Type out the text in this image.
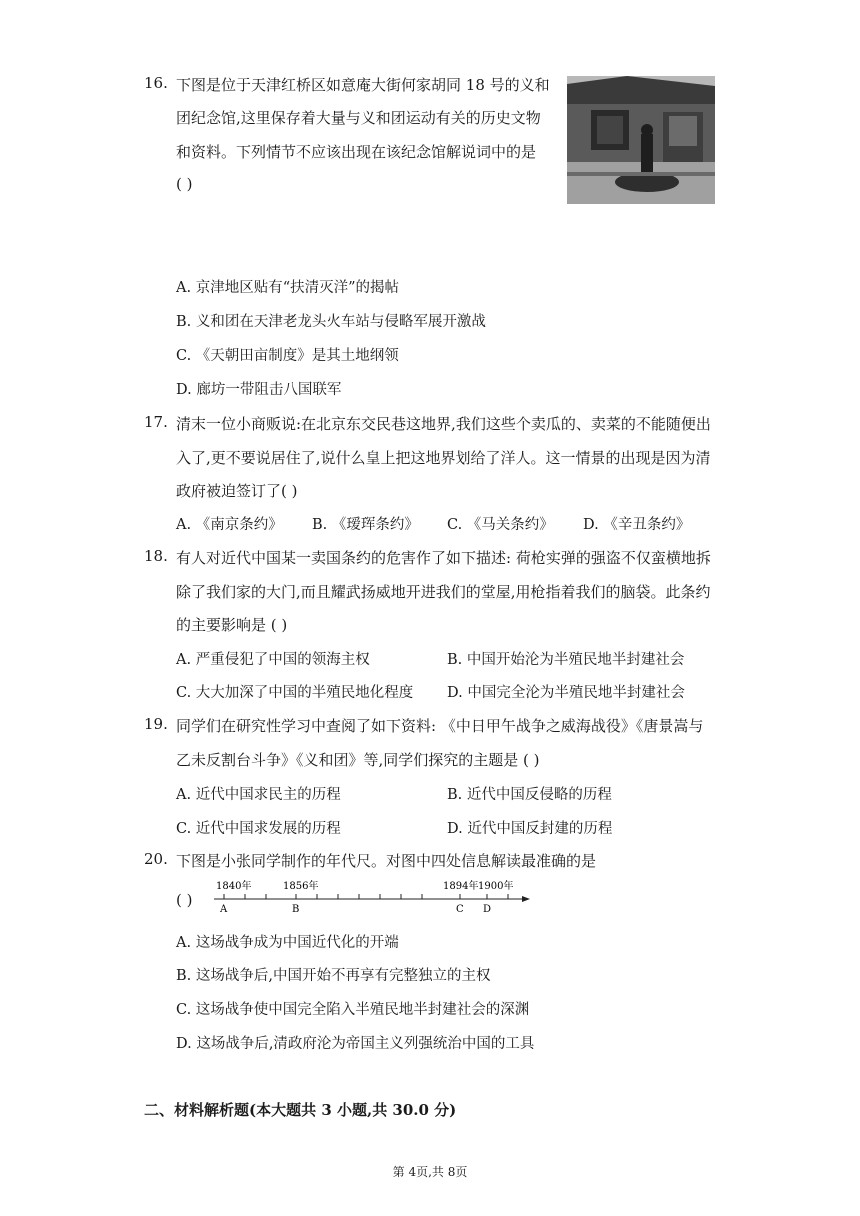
16. 下图是位于天津红桥区如意庵大街何家胡同 18 号的义和
团纪念馆,这里保存着大量与义和团运动有关的历史文物
和资料。下列情节不应该出现在该纪念馆解说词中的是
( )
A. 京津地区贴有“扶清灭洋”的揭帖
B. 义和团在天津老龙头火车站与侵略军展开激战
C. 《天朝田亩制度》是其土地纲领
D. 廊坊一带阻击八国联军
17. 清末一位小商贩说:在北京东交民巷这地界,我们这些个卖瓜的、卖菜的不能随便出
入了,更不要说居住了,说什么皇上把这地界划给了洋人。这一情景的出现是因为清
政府被迫签订了( )
A. 《南京条约》 B. 《瑷珲条约》 C. 《马关条约》 D. 《辛丑条约》
18. 有人对近代中国某一卖国条约的危害作了如下描述: 荷枪实弹的强盗不仅蛮横地拆
除了我们家的大门,而且耀武扬威地开进我们的堂屋,用枪指着我们的脑袋。此条约
的主要影响是 ( )
A. 严重侵犯了中国的领海主权	B. 中国开始沦为半殖民地半封建社会
C. 大大加深了中国的半殖民地化程度 D. 中国完全沦为半殖民地半封建社会
19. 同学们在研究性学习中查阅了如下资料: 《中日甲午战争之威海战役》《唐景嵩与
乙未反割台斗争》《义和团》等,同学们探究的主题是 ( )
A. 近代中国求民主的历程	B. 近代中国反侵略的历程
C. 近代中国求发展的历程	D. 近代中国反封建的历程
20. 下图是小张同学制作的年代尺。对图中四处信息解读最准确的是
( )
1840年	1856年	1894年 1900年
A	B	C D
A. 这场战争成为中国近代化的开端
B. 这场战争后,中国开始不再享有完整独立的主权
C. 这场战争使中国完全陷入半殖民地半封建社会的深渊
D. 这场战争后,清政府沦为帝国主义列强统治中国的工具
二、材料解析题(本大题共 3 小题,共 30.0 分)
第 4页,共 8页
